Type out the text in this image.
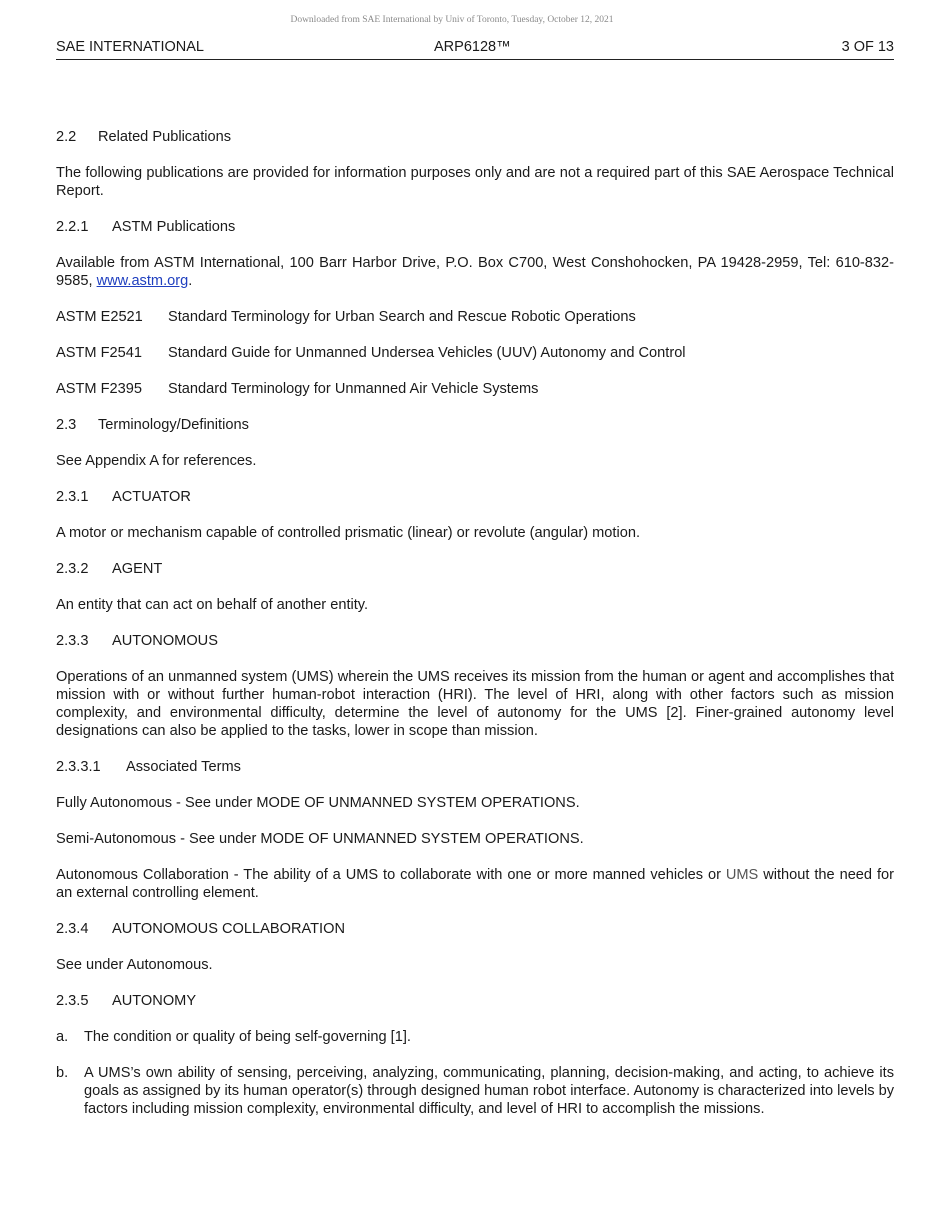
Downloaded from SAE International by Univ of Toronto, Tuesday, October 12, 2021
SAE INTERNATIONAL	ARP6128™	3 OF 13

2.2 Related Publications

The following publications are provided for information purposes only and are not a required part of this SAE Aerospace Technical Report.

2.2.1 ASTM Publications

Available from ASTM International, 100 Barr Harbor Drive, P.O. Box C700, West Conshohocken, PA 19428-2959, Tel: 610-832-9585, www.astm.org.

ASTM E2521 Standard Terminology for Urban Search and Rescue Robotic Operations

ASTM F2541 Standard Guide for Unmanned Undersea Vehicles (UUV) Autonomy and Control

ASTM F2395 Standard Terminology for Unmanned Air Vehicle Systems

2.3 Terminology/Definitions

See Appendix A for references.

2.3.1 ACTUATOR

A motor or mechanism capable of controlled prismatic (linear) or revolute (angular) motion.

2.3.2 AGENT

An entity that can act on behalf of another entity.

2.3.3 AUTONOMOUS

Operations of an unmanned system (UMS) wherein the UMS receives its mission from the human or agent and accomplishes that mission with or without further human-robot interaction (HRI). The level of HRI, along with other factors such as mission complexity, and environmental difficulty, determine the level of autonomy for the UMS [2]. Finer-grained autonomy level designations can also be applied to the tasks, lower in scope than mission.

2.3.3.1 Associated Terms

Fully Autonomous - See under MODE OF UNMANNED SYSTEM OPERATIONS.

Semi-Autonomous - See under MODE OF UNMANNED SYSTEM OPERATIONS.

Autonomous Collaboration - The ability of a UMS to collaborate with one or more manned vehicles or UMS without the need for an external controlling element.

2.3.4 AUTONOMOUS COLLABORATION

See under Autonomous.

2.3.5 AUTONOMY

a. The condition or quality of being self-governing [1].

b. A UMS’s own ability of sensing, perceiving, analyzing, communicating, planning, decision-making, and acting, to achieve its goals as assigned by its human operator(s) through designed human robot interface. Autonomy is characterized into levels by factors including mission complexity, environmental difficulty, and level of HRI to accomplish the missions.
